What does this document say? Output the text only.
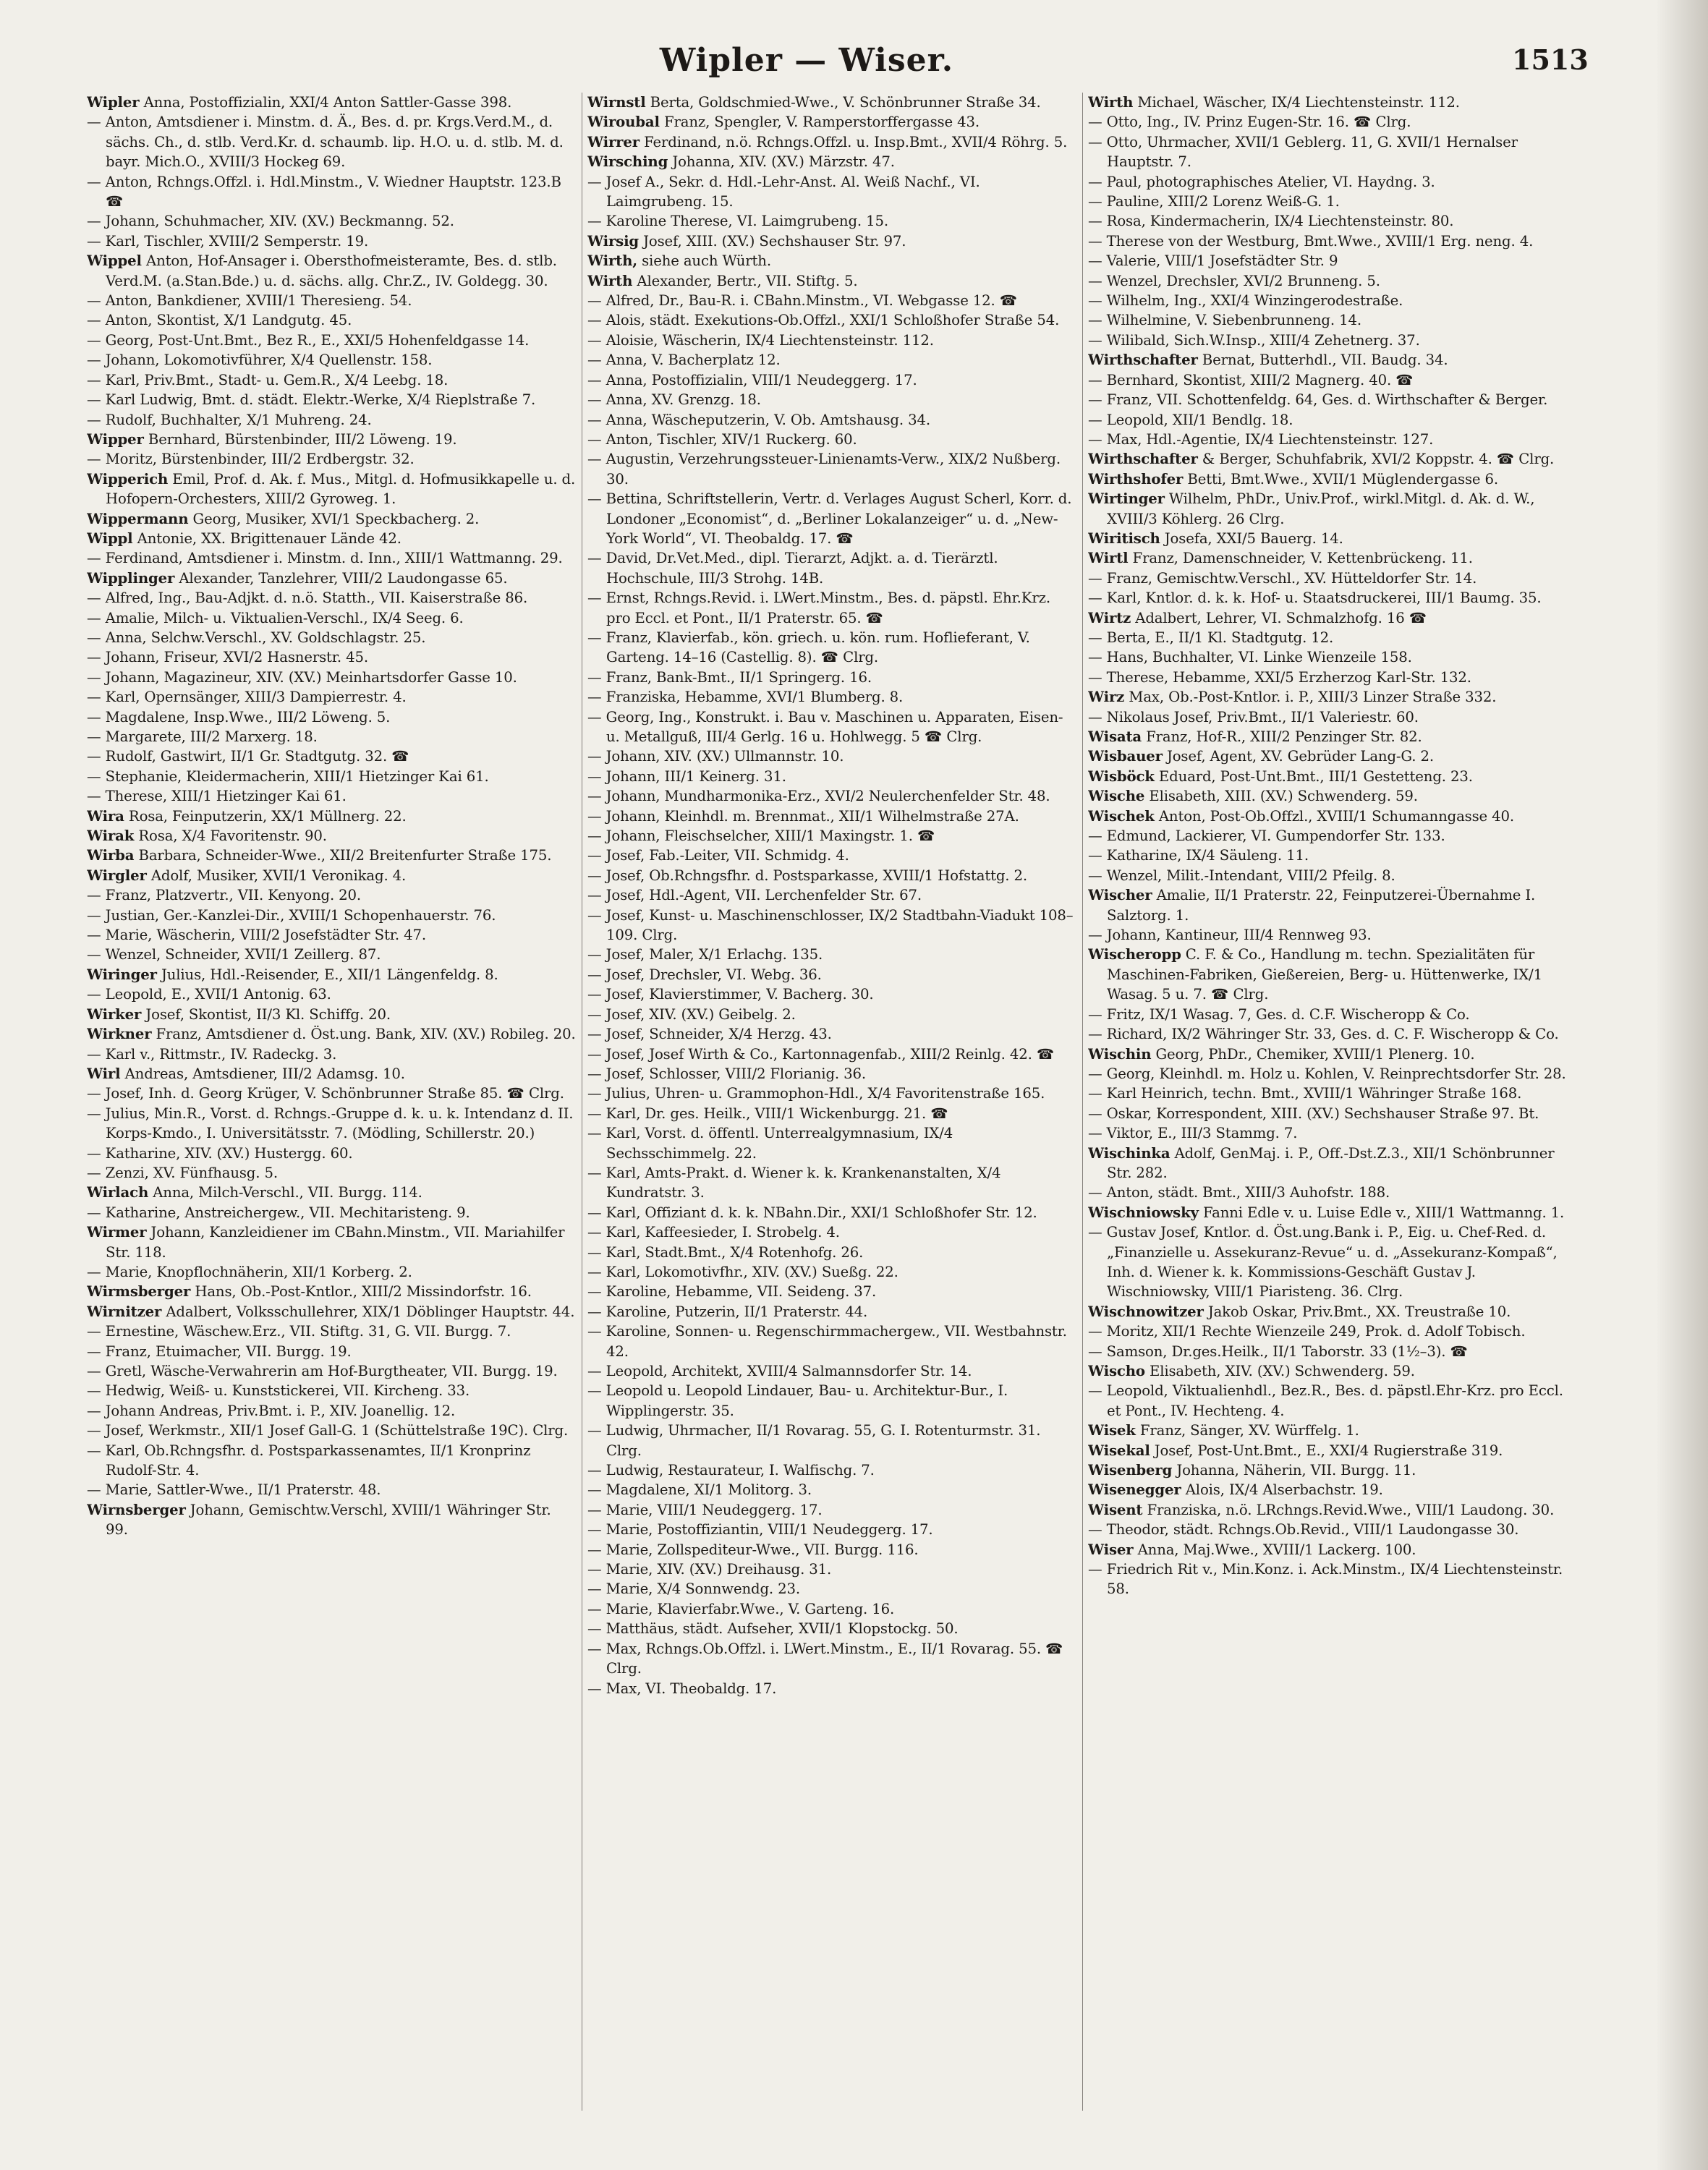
Wipler — Wiser.	1513

Wipler Anna, Postoffizialin, XXI/4 Anton Sattler-Gasse 398.

— Anton, Amtsdiener i. Minstm. d. Ä., Bes. d. pr. Krgs.Verd.M., d. sächs. Ch., d. stlb. Verd.Kr. d. schaumb. lip. H.O. u. d. stlb. M. d. bayr. Mich.O., XVIII/3 Hockeg 69.

— Anton, Rchngs.Offzl. i. Hdl.Minstm., V. Wiedner Hauptstr. 123.B ☎

— Johann, Schuhmacher, XIV. (XV.) Beckmanng. 52.

— Karl, Tischler, XVIII/2 Semperstr. 19.

Wippel Anton, Hof-Ansager i. Obersthofmeisteramte, Bes. d. stlb. Verd.M. (a.Stan.Bde.) u. d. sächs. allg. Chr.Z., IV. Goldegg. 30.

— Anton, Bankdiener, XVIII/1 Theresieng. 54.

— Anton, Skontist, X/1 Landgutg. 45.

— Georg, Post-Unt.Bmt., Bez R., E., XXI/5 Hohenfeldgasse 14.

— Johann, Lokomotivführer, X/4 Quellenstr. 158.

— Karl, Priv.Bmt., Stadt- u. Gem.R., X/4 Leebg. 18.

— Karl Ludwig, Bmt. d. städt. Elektr.-Werke, X/4 Rieplstraße 7.

— Rudolf, Buchhalter, X/1 Muhreng. 24.

Wipper Bernhard, Bürstenbinder, III/2 Löweng. 19.

— Moritz, Bürstenbinder, III/2 Erdbergstr. 32.

Wipperich Emil, Prof. d. Ak. f. Mus., Mitgl. d. Hofmusikkapelle u. d. Hofopern-Orchesters, XIII/2 Gyroweg. 1.

Wippermann Georg, Musiker, XVI/1 Speckbacherg. 2.

Wippl Antonie, XX. Brigittenauer Lände 42.

— Ferdinand, Amtsdiener i. Minstm. d. Inn., XIII/1 Wattmanng. 29.

Wipplinger Alexander, Tanzlehrer, VIII/2 Laudongasse 65.

— Alfred, Ing., Bau-Adjkt. d. n.ö. Statth., VII. Kaiserstraße 86.

— Amalie, Milch- u. Viktualien-Verschl., IX/4 Seeg. 6.

— Anna, Selchw.Verschl., XV. Goldschlagstr. 25.

— Johann, Friseur, XVI/2 Hasnerstr. 45.

— Johann, Magazineur, XIV. (XV.) Meinhartsdorfer Gasse 10.

— Karl, Opernsänger, XIII/3 Dampierrestr. 4.

— Magdalene, Insp.Wwe., III/2 Löweng. 5.

— Margarete, III/2 Marxerg. 18.

— Rudolf, Gastwirt, II/1 Gr. Stadtgutg. 32. ☎

— Stephanie, Kleidermacherin, XIII/1 Hietzinger Kai 61.

— Therese, XIII/1 Hietzinger Kai 61.

Wira Rosa, Feinputzerin, XX/1 Müllnerg. 22.

Wirak Rosa, X/4 Favoritenstr. 90.

Wirba Barbara, Schneider-Wwe., XII/2 Breitenfurter Straße 175.

Wirgler Adolf, Musiker, XVII/1 Veronikag. 4.

— Franz, Platzvertr., VII. Kenyong. 20.

— Justian, Ger.-Kanzlei-Dir., XVIII/1 Schopenhauerstr. 76.

— Marie, Wäscherin, VIII/2 Josefstädter Str. 47.

— Wenzel, Schneider, XVII/1 Zeillerg. 87.

Wiringer Julius, Hdl.-Reisender, E., XII/1 Längenfeldg. 8.

— Leopold, E., XVII/1 Antonig. 63.

Wirker Josef, Skontist, II/3 Kl. Schiffg. 20.

Wirkner Franz, Amtsdiener d. Öst.ung. Bank, XIV. (XV.) Robileg. 20.

— Karl v., Rittmstr., IV. Radeckg. 3.

Wirl Andreas, Amtsdiener, III/2 Adamsg. 10.

— Josef, Inh. d. Georg Krüger, V. Schönbrunner Straße 85. ☎ Clrg.

— Julius, Min.R., Vorst. d. Rchngs.-Gruppe d. k. u. k. Intendanz d. II. Korps-Kmdo., I. Universitätsstr. 7. (Mödling, Schillerstr. 20.)

— Katharine, XIV. (XV.) Hustergg. 60.

— Zenzi, XV. Fünfhausg. 5.

Wirlach Anna, Milch-Verschl., VII. Burgg. 114.

— Katharine, Anstreichergew., VII. Mechitaristeng. 9.

Wirmer Johann, Kanzleidiener im CBahn.Minstm., VII. Mariahilfer Str. 118.

— Marie, Knopflochnäherin, XII/1 Korberg. 2.

Wirmsberger Hans, Ob.-Post-Kntlor., XIII/2 Missindorfstr. 16.

Wirnitzer Adalbert, Volksschullehrer, XIX/1 Döblinger Hauptstr. 44.

— Ernestine, Wäschew.Erz., VII. Stiftg. 31, G. VII. Burgg. 7.

— Franz, Etuimacher, VII. Burgg. 19.

— Gretl, Wäsche-Verwahrerin am Hof-Burgtheater, VII. Burgg. 19.

— Hedwig, Weiß- u. Kunststickerei, VII. Kircheng. 33.

— Johann Andreas, Priv.Bmt. i. P., XIV. Joanellig. 12.

— Josef, Werkmstr., XII/1 Josef Gall-G. 1 (Schüttelstraße 19C). Clrg.

— Karl, Ob.Rchngsfhr. d. Postsparkassenamtes, II/1 Kronprinz Rudolf-Str. 4.

— Marie, Sattler-Wwe., II/1 Praterstr. 48.

Wirnsberger Johann, Gemischtw.Verschl, XVIII/1 Währinger Str. 99.

Wirnstl Berta, Goldschmied-Wwe., V. Schönbrunner Straße 34.

Wiroubal Franz, Spengler, V. Ramperstorffergasse 43.

Wirrer Ferdinand, n.ö. Rchngs.Offzl. u. Insp.Bmt., XVII/4 Röhrg. 5.

Wirsching Johanna, XIV. (XV.) Märzstr. 47.

— Josef A., Sekr. d. Hdl.-Lehr-Anst. Al. Weiß Nachf., VI. Laimgrubeng. 15.

— Karoline Therese, VI. Laimgrubeng. 15.

Wirsig Josef, XIII. (XV.) Sechshauser Str. 97.

Wirth, siehe auch Würth.

Wirth Alexander, Bertr., VII. Stiftg. 5.

— Alfred, Dr., Bau-R. i. CBahn.Minstm., VI. Webgasse 12. ☎

— Alois, städt. Exekutions-Ob.Offzl., XXI/1 Schloßhofer Straße 54.

— Aloisie, Wäscherin, IX/4 Liechtensteinstr. 112.

— Anna, V. Bacherplatz 12.

— Anna, Postoffizialin, VIII/1 Neudeggerg. 17.

— Anna, XV. Grenzg. 18.

— Anna, Wäscheputzerin, V. Ob. Amtshausg. 34.

— Anton, Tischler, XIV/1 Ruckerg. 60.

— Augustin, Verzehrungssteuer-Linienamts-Verw., XIX/2 Nußberg. 30.

— Bettina, Schriftstellerin, Vertr. d. Verlages August Scherl, Korr. d. Londoner „Economist“, d. „Berliner Lokalanzeiger“ u. d. „New-York World“, VI. Theobaldg. 17. ☎

— David, Dr.Vet.Med., dipl. Tierarzt, Adjkt. a. d. Tierärztl. Hochschule, III/3 Strohg. 14B.

— Ernst, Rchngs.Revid. i. LWert.Minstm., Bes. d. päpstl. Ehr.Krz. pro Eccl. et Pont., II/1 Praterstr. 65. ☎

— Franz, Klavierfab., kön. griech. u. kön. rum. Hoflieferant, V. Garteng. 14–16 (Castellig. 8). ☎ Clrg.

— Franz, Bank-Bmt., II/1 Springerg. 16.

— Franziska, Hebamme, XVI/1 Blumberg. 8.

— Georg, Ing., Konstrukt. i. Bau v. Maschinen u. Apparaten, Eisen- u. Metallguß, III/4 Gerlg. 16 u. Hohlwegg. 5 ☎ Clrg.

— Johann, XIV. (XV.) Ullmannstr. 10.

— Johann, III/1 Keinerg. 31.

— Johann, Mundharmonika-Erz., XVI/2 Neulerchenfelder Str. 48.

— Johann, Kleinhdl. m. Brennmat., XII/1 Wilhelmstraße 27A.

— Johann, Fleischselcher, XIII/1 Maxingstr. 1. ☎

— Josef, Fab.-Leiter, VII. Schmidg. 4.

— Josef, Ob.Rchngsfhr. d. Postsparkasse, XVIII/1 Hofstattg. 2.

— Josef, Hdl.-Agent, VII. Lerchenfelder Str. 67.

— Josef, Kunst- u. Maschinenschlosser, IX/2 Stadtbahn-Viadukt 108–109. Clrg.

— Josef, Maler, X/1 Erlachg. 135.

— Josef, Drechsler, VI. Webg. 36.

— Josef, Klavierstimmer, V. Bacherg. 30.

— Josef, XIV. (XV.) Geibelg. 2.

— Josef, Schneider, X/4 Herzg. 43.

— Josef, Josef Wirth & Co., Kartonnagenfab., XIII/2 Reinlg. 42. ☎

— Josef, Schlosser, VIII/2 Florianig. 36.

— Julius, Uhren- u. Grammophon-Hdl., X/4 Favoritenstraße 165.

— Karl, Dr. ges. Heilk., VIII/1 Wickenburgg. 21. ☎

— Karl, Vorst. d. öffentl. Unterrealgymnasium, IX/4 Sechsschimmelg. 22.

— Karl, Amts-Prakt. d. Wiener k. k. Krankenanstalten, X/4 Kundratstr. 3.

— Karl, Offiziant d. k. k. NBahn.Dir., XXI/1 Schloßhofer Str. 12.

— Karl, Kaffeesieder, I. Strobelg. 4.

— Karl, Stadt.Bmt., X/4 Rotenhofg. 26.

— Karl, Lokomotivfhr., XIV. (XV.) Sueßg. 22.

— Karoline, Hebamme, VII. Seideng. 37.

— Karoline, Putzerin, II/1 Praterstr. 44.

— Karoline, Sonnen- u. Regenschirmmachergew., VII. Westbahnstr. 42.

— Leopold, Architekt, XVIII/4 Salmannsdorfer Str. 14.

— Leopold u. Leopold Lindauer, Bau- u. Architektur-Bur., I. Wipplingerstr. 35.

— Ludwig, Uhrmacher, II/1 Rovarag. 55, G. I. Rotenturmstr. 31. Clrg.

— Ludwig, Restaurateur, I. Walfischg. 7.

— Magdalene, XI/1 Molitorg. 3.

— Marie, VIII/1 Neudeggerg. 17.

— Marie, Postoffiziantin, VIII/1 Neudeggerg. 17.

— Marie, Zollspediteur-Wwe., VII. Burgg. 116.

— Marie, XIV. (XV.) Dreihausg. 31.

— Marie, X/4 Sonnwendg. 23.

— Marie, Klavierfabr.Wwe., V. Garteng. 16.

— Matthäus, städt. Aufseher, XVII/1 Klopstockg. 50.

— Max, Rchngs.Ob.Offzl. i. LWert.Minstm., E., II/1 Rovarag. 55. ☎ Clrg.

— Max, VI. Theobaldg. 17.

Wirth Michael, Wäscher, IX/4 Liechtensteinstr. 112.

— Otto, Ing., IV. Prinz Eugen-Str. 16. ☎ Clrg.

— Otto, Uhrmacher, XVII/1 Geblerg. 11, G. XVII/1 Hernalser Hauptstr. 7.

— Paul, photographisches Atelier, VI. Haydng. 3.

— Pauline, XIII/2 Lorenz Weiß-G. 1.

— Rosa, Kindermacherin, IX/4 Liechtensteinstr. 80.

— Therese von der Westburg, Bmt.Wwe., XVIII/1 Erg. neng. 4.

— Valerie, VIII/1 Josefstädter Str. 9

— Wenzel, Drechsler, XVI/2 Brunneng. 5.

— Wilhelm, Ing., XXI/4 Winzingerodestraße.

— Wilhelmine, V. Siebenbrunneng. 14.

— Wilibald, Sich.W.Insp., XIII/4 Zehetnerg. 37.

Wirthschafter Bernat, Butterhdl., VII. Baudg. 34.

— Bernhard, Skontist, XIII/2 Magnerg. 40. ☎

— Franz, VII. Schottenfeldg. 64, Ges. d. Wirthschafter & Berger.

— Leopold, XII/1 Bendlg. 18.

— Max, Hdl.-Agentie, IX/4 Liechtensteinstr. 127.

Wirthschafter & Berger, Schuhfabrik, XVI/2 Koppstr. 4. ☎ Clrg.

Wirthshofer Betti, Bmt.Wwe., XVII/1 Müglendergasse 6.

Wirtinger Wilhelm, PhDr., Univ.Prof., wirkl.Mitgl. d. Ak. d. W., XVIII/3 Köhlerg. 26 Clrg.

Wiritisch Josefa, XXI/5 Bauerg. 14.

Wirtl Franz, Damenschneider, V. Kettenbrückeng. 11.

— Franz, Gemischtw.Verschl., XV. Hütteldorfer Str. 14.

— Karl, Kntlor. d. k. k. Hof- u. Staatsdruckerei, III/1 Baumg. 35.

Wirtz Adalbert, Lehrer, VI. Schmalzhofg. 16 ☎

— Berta, E., II/1 Kl. Stadtgutg. 12.

— Hans, Buchhalter, VI. Linke Wienzeile 158.

— Therese, Hebamme, XXI/5 Erzherzog Karl-Str. 132.

Wirz Max, Ob.-Post-Kntlor. i. P., XIII/3 Linzer Straße 332.

— Nikolaus Josef, Priv.Bmt., II/1 Valeriestr. 60.

Wisata Franz, Hof-R., XIII/2 Penzinger Str. 82.

Wisbauer Josef, Agent, XV. Gebrüder Lang-G. 2.

Wisböck Eduard, Post-Unt.Bmt., III/1 Gestetteng. 23.

Wische Elisabeth, XIII. (XV.) Schwenderg. 59.

Wischek Anton, Post-Ob.Offzl., XVIII/1 Schumanngasse 40.

— Edmund, Lackierer, VI. Gumpendorfer Str. 133.

— Katharine, IX/4 Säuleng. 11.

— Wenzel, Milit.-Intendant, VIII/2 Pfeilg. 8.

Wischer Amalie, II/1 Praterstr. 22, Feinputzerei-Übernahme I. Salztorg. 1.

— Johann, Kantineur, III/4 Rennweg 93.

Wischeropp C. F. & Co., Handlung m. techn. Spezialitäten für Maschinen-Fabriken, Gießereien, Berg- u. Hüttenwerke, IX/1 Wasag. 5 u. 7. ☎ Clrg.

— Fritz, IX/1 Wasag. 7, Ges. d. C.F. Wischeropp & Co.

— Richard, IX/2 Währinger Str. 33, Ges. d. C. F. Wischeropp & Co.

Wischin Georg, PhDr., Chemiker, XVIII/1 Plenerg. 10.

— Georg, Kleinhdl. m. Holz u. Kohlen, V. Reinprechtsdorfer Str. 28.

— Karl Heinrich, techn. Bmt., XVIII/1 Währinger Straße 168.

— Oskar, Korrespondent, XIII. (XV.) Sechshauser Straße 97. Bt.

— Viktor, E., III/3 Stammg. 7.

Wischinka Adolf, GenMaj. i. P., Off.-Dst.Z.3., XII/1 Schönbrunner Str. 282.

— Anton, städt. Bmt., XIII/3 Auhofstr. 188.

Wischniowsky Fanni Edle v. u. Luise Edle v., XIII/1 Wattmanng. 1.

— Gustav Josef, Kntlor. d. Öst.ung.Bank i. P., Eig. u. Chef-Red. d. „Finanzielle u. Assekuranz-Revue“ u. d. „Assekuranz-Kompaß“, Inh. d. Wiener k. k. Kommissions-Geschäft Gustav J. Wischniowsky, VIII/1 Piaristeng. 36. Clrg.

Wischnowitzer Jakob Oskar, Priv.Bmt., XX. Treustraße 10.

— Moritz, XII/1 Rechte Wienzeile 249, Prok. d. Adolf Tobisch.

— Samson, Dr.ges.Heilk., II/1 Taborstr. 33 (1½–3). ☎

Wischo Elisabeth, XIV. (XV.) Schwenderg. 59.

— Leopold, Viktualienhdl., Bez.R., Bes. d. päpstl.Ehr-Krz. pro Eccl. et Pont., IV. Hechteng. 4.

Wisek Franz, Sänger, XV. Würffelg. 1.

Wisekal Josef, Post-Unt.Bmt., E., XXI/4 Rugierstraße 319.

Wisenberg Johanna, Näherin, VII. Burgg. 11.

Wisenegger Alois, IX/4 Alserbachstr. 19.

Wisent Franziska, n.ö. LRchngs.Revid.Wwe., VIII/1 Laudong. 30.

— Theodor, städt. Rchngs.Ob.Revid., VIII/1 Laudongasse 30.

Wiser Anna, Maj.Wwe., XVIII/1 Lackerg. 100.

— Friedrich Rit v., Min.Konz. i. Ack.Minstm., IX/4 Liechtensteinstr. 58.
